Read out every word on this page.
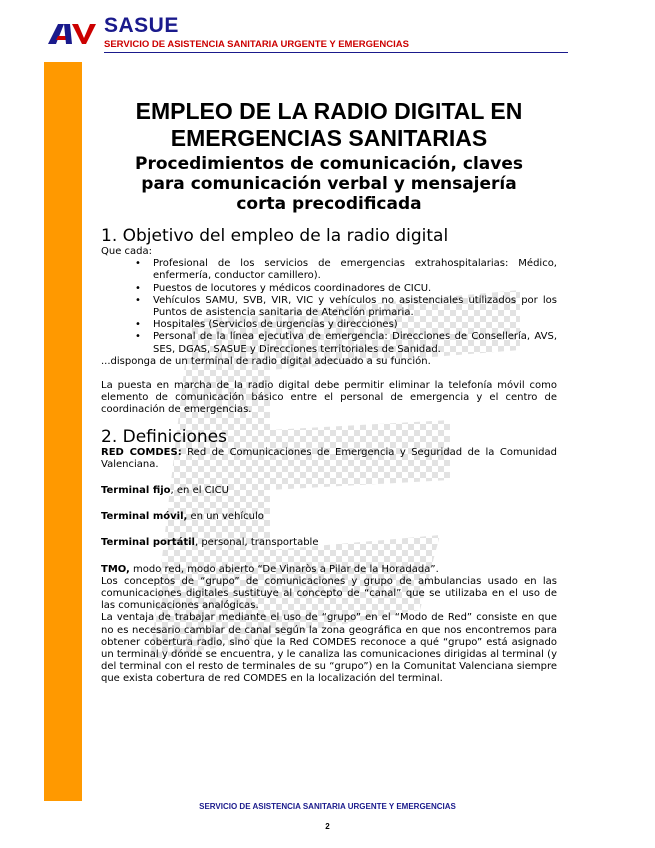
SASUE
SERVICIO DE ASISTENCIA SANITARIA URGENTE Y EMERGENCIAS
EMPLEO DE LA RADIO DIGITAL EN
EMERGENCIAS SANITARIAS
Procedimientos de comunicación, claves
para comunicación verbal y mensajería
corta precodificada
1. Objetivo del empleo de la radio digital

Que cada:

• Profesional de los servicios de emergencias extrahospitalarias: Médico, enfermería, conductor camillero).
• Puestos de locutores y médicos coordinadores de CICU.
• Vehículos SAMU, SVB, VIR, VIC y vehículos no asistenciales utilizados por los Puntos de asistencia sanitaria de Atención primaria.
• Hospitales (Servicios de urgencias y direcciones)
• Personal de la línea ejecutiva de emergencia: Direcciones de Consellería, AVS, SES, DGAS, SASUE y Direcciones territoriales de Sanidad.

...disponga de un terminal de radio digital adecuado a su función.

La puesta en marcha de la radio digital debe permitir eliminar la telefonía móvil como elemento de comunicación básico entre el personal de emergencia y el centro de coordinación de emergencias.

2. Definiciones

RED COMDES: Red de Comunicaciones de Emergencia y Seguridad de la Comunidad Valenciana.

Terminal fijo, en el CICU

Terminal móvil, en un vehículo

Terminal portátil, personal, transportable

TMO, modo red, modo abierto “De Vinaròs a Pilar de la Horadada”.

Los conceptos de “grupo” de comunicaciones y grupo de ambulancias usado en las comunicaciones digitales sustituye al concepto de “canal” que se utilizaba en el uso de las comunicaciones analógicas.

La ventaja de trabajar mediante el uso de “grupo” en el “Modo de Red” consiste en que no es necesario cambiar de canal según la zona geográfica en que nos encontremos para obtener cobertura radio, sino que la Red COMDES reconoce a qué “grupo” está asignado un terminal y dónde se encuentra, y le canaliza las comunicaciones dirigidas al terminal (y del terminal con el resto de terminales de su “grupo”) en la Comunitat Valenciana siempre que exista cobertura de red COMDES en la localización del terminal.

SERVICIO DE ASISTENCIA SANITARIA URGENTE Y EMERGENCIAS
2
